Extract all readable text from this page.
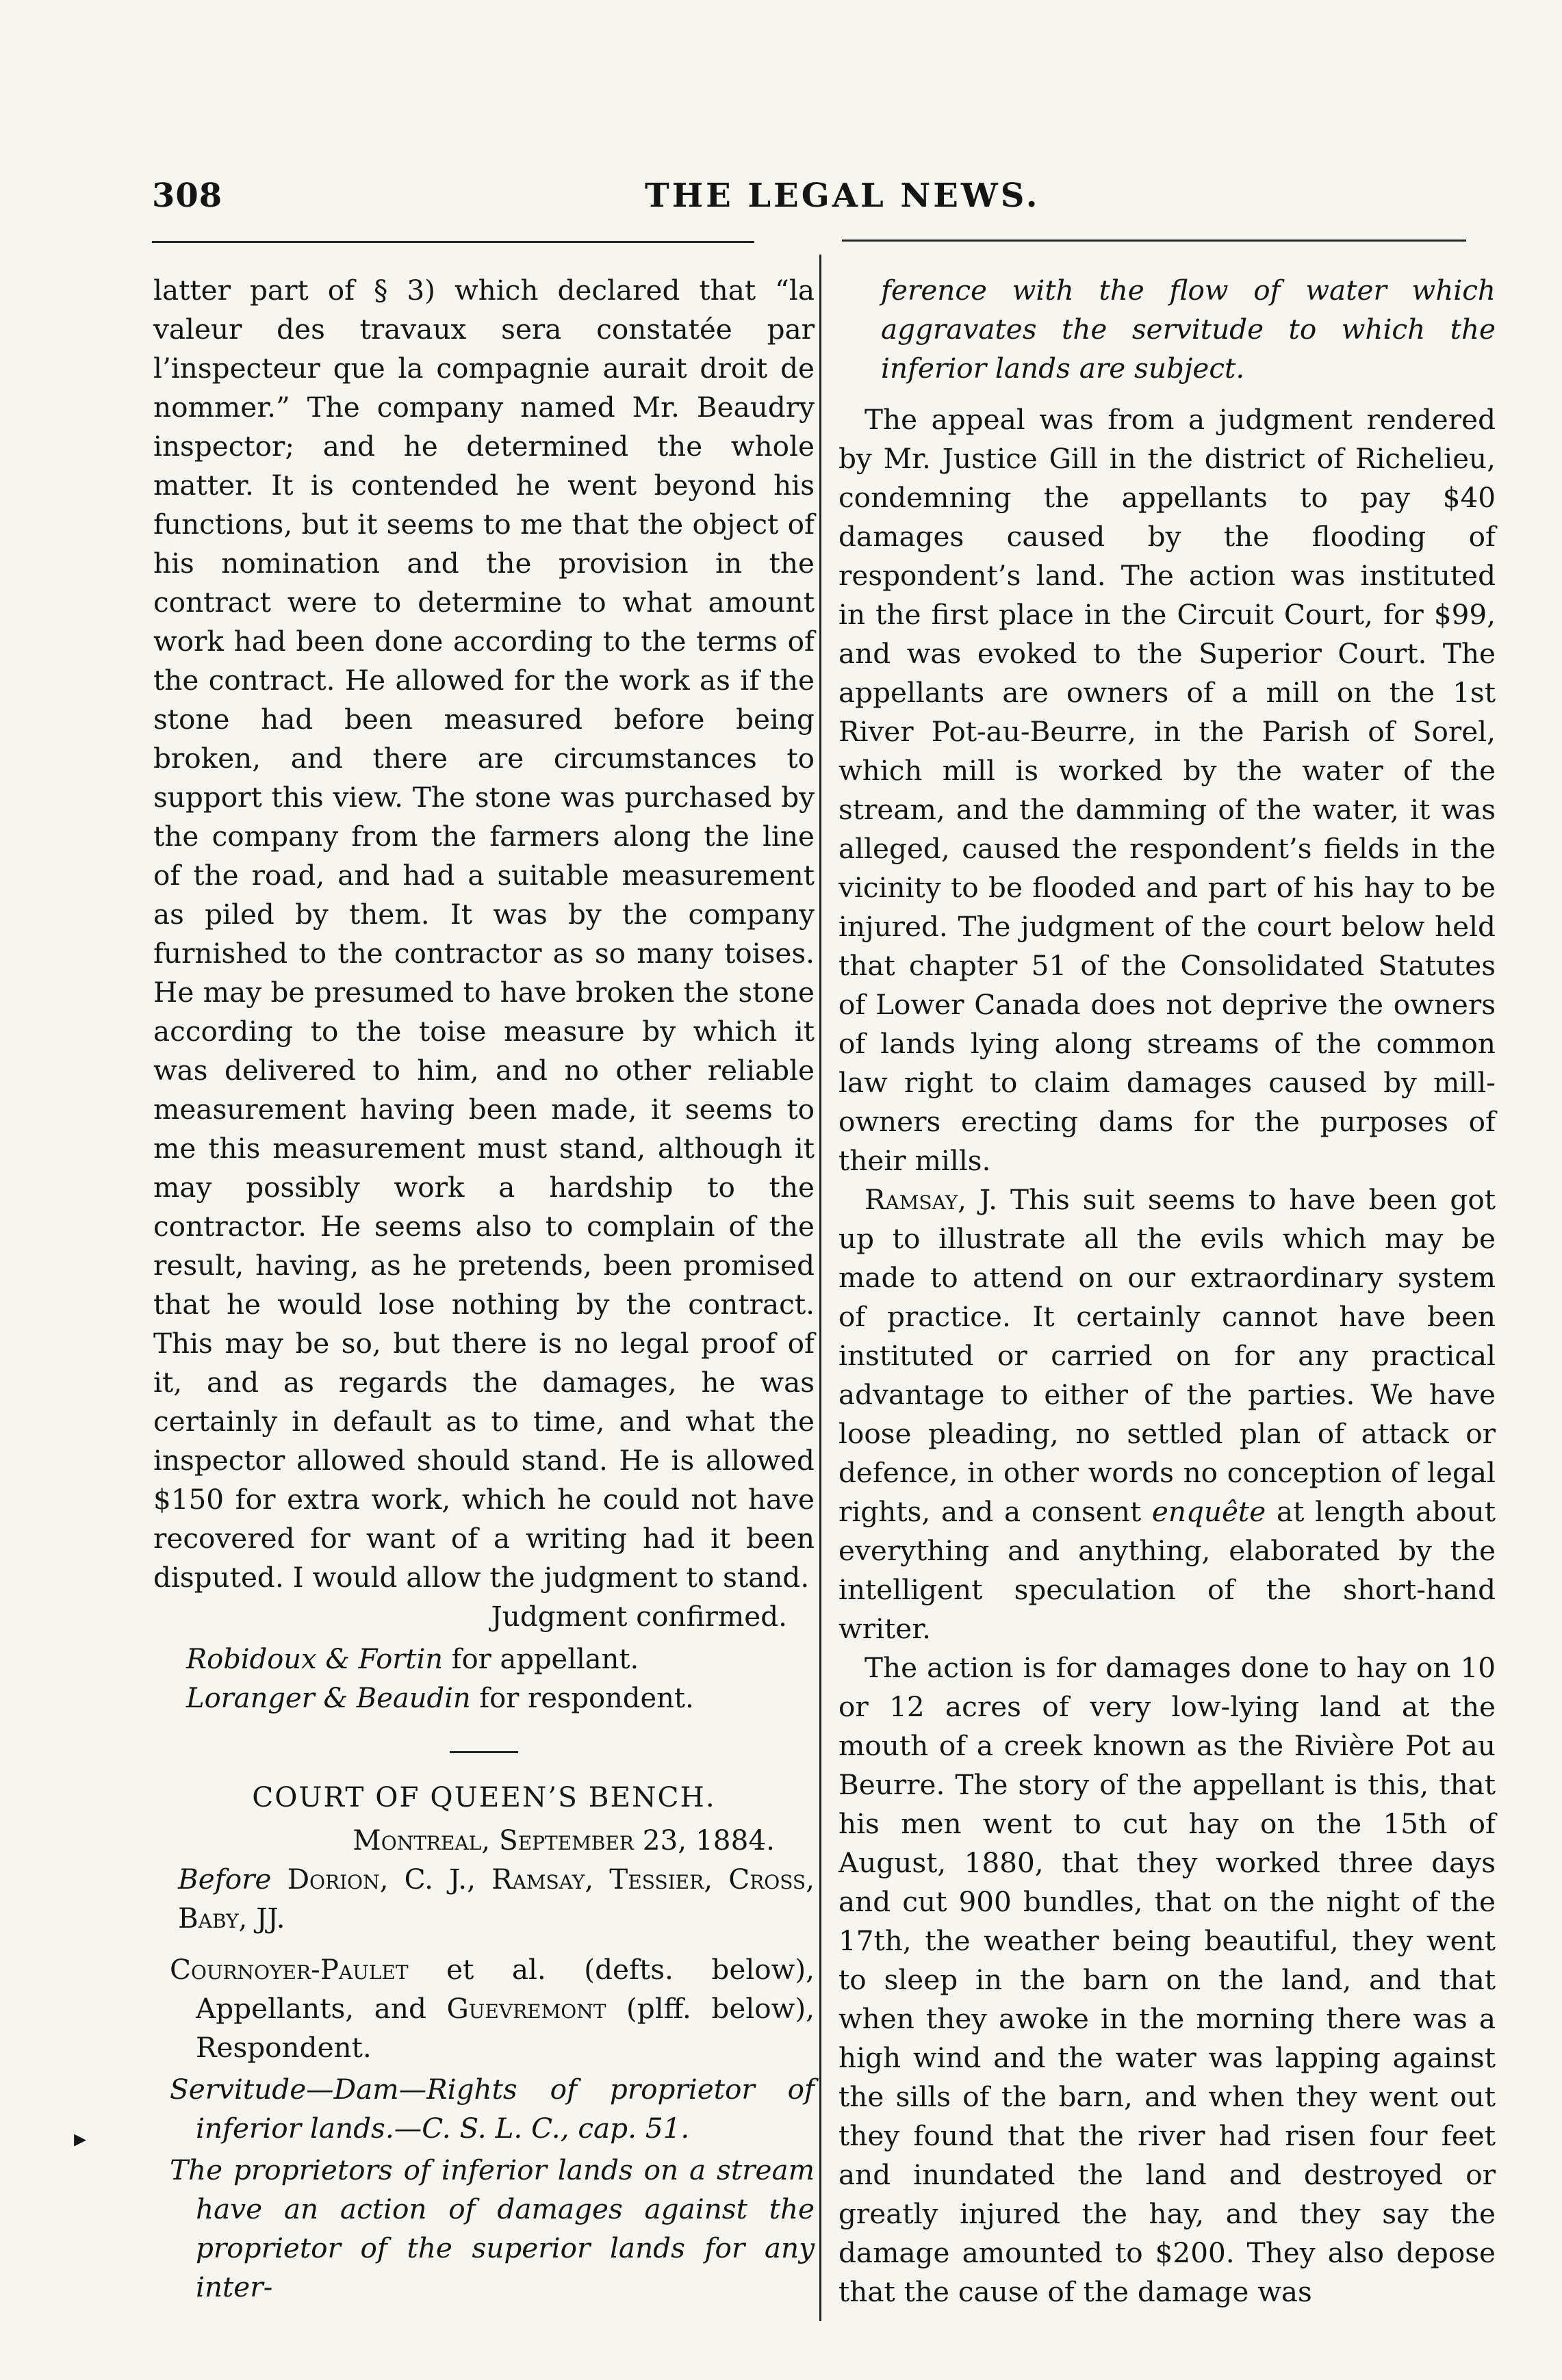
308	THE LEGAL NEWS.
▸

latter part of § 3) which declared that “la valeur des travaux sera constatée par l’inspecteur que la compagnie aurait droit de nommer.” The company named Mr. Beaudry inspector; and he determined the whole matter. It is contended he went beyond his functions, but it seems to me that the object of his nomination and the provision in the contract were to determine to what amount work had been done according to the terms of the contract. He allowed for the work as if the stone had been measured before being broken, and there are circumstances to support this view. The stone was purchased by the company from the farmers along the line of the road, and had a suitable measurement as piled by them. It was by the company furnished to the contractor as so many toises. He may be presumed to have broken the stone according to the toise measure by which it was delivered to him, and no other reliable measurement having been made, it seems to me this measurement must stand, although it may possibly work a hardship to the contractor. He seems also to complain of the result, having, as he pretends, been promised that he would lose nothing by the contract. This may be so, but there is no legal proof of it, and as regards the damages, he was certainly in default as to time, and what the inspector allowed should stand. He is allowed $150 for extra work, which he could not have recovered for want of a writing had it been disputed. I would allow the judgment to stand.

Judgment confirmed.

Robidoux & Fortin for appellant.

Loranger & Beaudin for respondent.

COURT OF QUEEN’S BENCH.

Montreal, September 23, 1884.

Before Dorion, C. J., Ramsay, Tessier, Cross, Baby, JJ.

Cournoyer-Paulet et al. (defts. below), Appellants, and Guevremont (plff. below), Respondent.

Servitude—Dam—Rights of proprietor of inferior lands.—C. S. L. C., cap. 51.

The proprietors of inferior lands on a stream have an action of damages against the proprietor of the superior lands for any inter-

ference with the flow of water which aggravates the servitude to which the inferior lands are subject.

The appeal was from a judgment rendered by Mr. Justice Gill in the district of Richelieu, condemning the appellants to pay $40 damages caused by the flooding of respondent’s land. The action was instituted in the first place in the Circuit Court, for $99, and was evoked to the Superior Court. The appellants are owners of a mill on the 1st River Pot-au-Beurre, in the Parish of Sorel, which mill is worked by the water of the stream, and the damming of the water, it was alleged, caused the respondent’s fields in the vicinity to be flooded and part of his hay to be injured. The judgment of the court below held that chapter 51 of the Consolidated Statutes of Lower Canada does not deprive the owners of lands lying along streams of the common law right to claim damages caused by mill-owners erecting dams for the purposes of their mills.

Ramsay, J. This suit seems to have been got up to illustrate all the evils which may be made to attend on our extraordinary system of practice. It certainly cannot have been instituted or carried on for any practical advantage to either of the parties. We have loose pleading, no settled plan of attack or defence, in other words no conception of legal rights, and a consent enquête at length about everything and anything, elaborated by the intelligent speculation of the short-hand writer.

The action is for damages done to hay on 10 or 12 acres of very low-lying land at the mouth of a creek known as the Rivière Pot au Beurre. The story of the appellant is this, that his men went to cut hay on the 15th of August, 1880, that they worked three days and cut 900 bundles, that on the night of the 17th, the weather being beautiful, they went to sleep in the barn on the land, and that when they awoke in the morning there was a high wind and the water was lapping against the sills of the barn, and when they went out they found that the river had risen four feet and inundated the land and destroyed or greatly injured the hay, and they say the damage amounted to $200. They also depose that the cause of the damage was
